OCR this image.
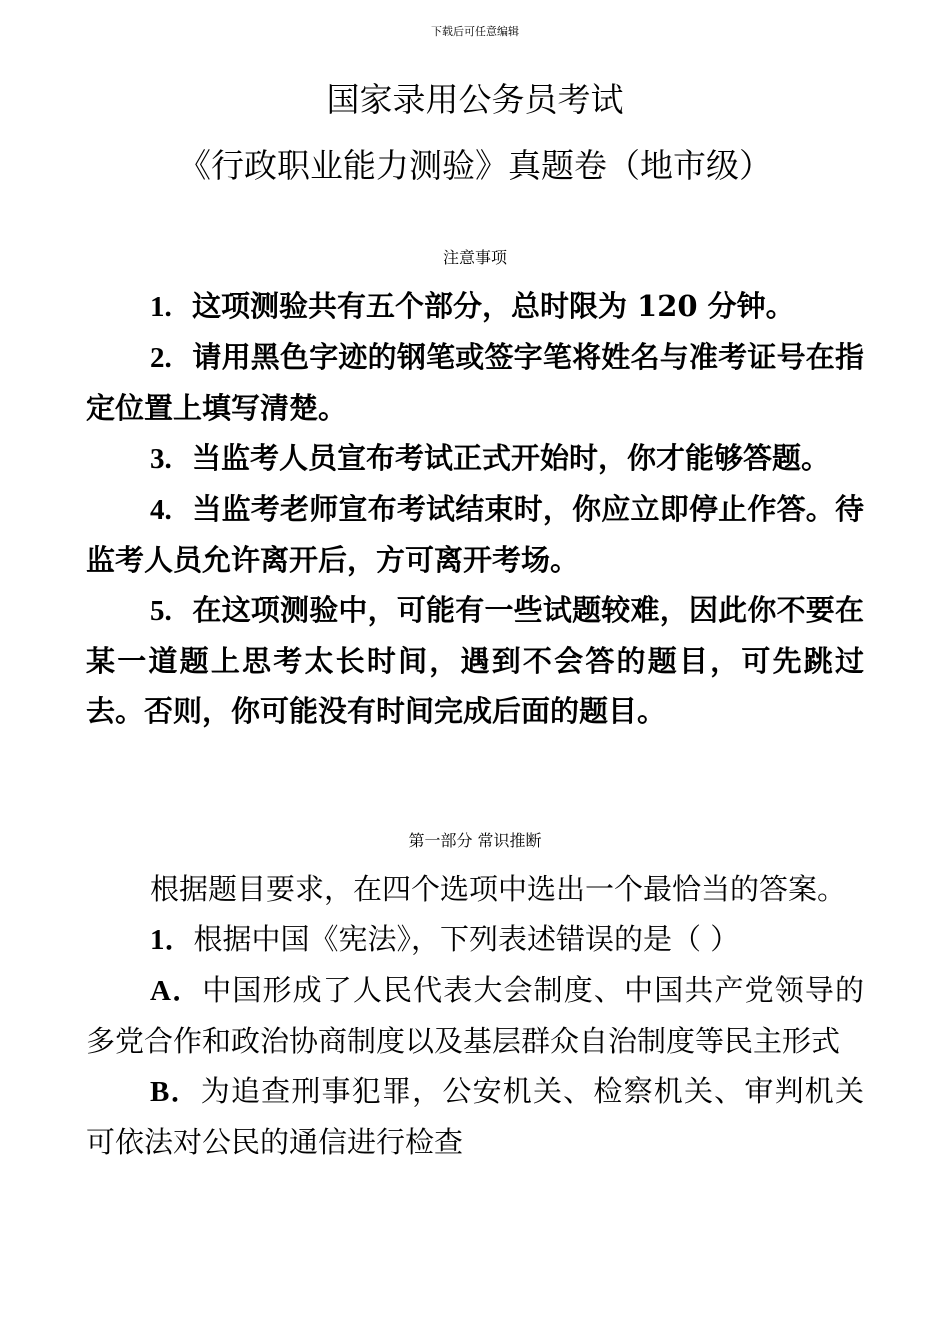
下载后可任意编辑
国家录用公务员考试
《行政职业能力测验》真题卷（地市级）
注意事项

1. 这项测验共有五个部分，总时限为 120 分钟。

2. 请用黑色字迹的钢笔或签字笔将姓名与准考证号在指定位置上填写清楚。

3. 当监考人员宣布考试正式开始时，你才能够答题。

4. 当监考老师宣布考试结束时，你应立即停止作答。待监考人员允许离开后，方可离开考场。

5. 在这项测验中，可能有一些试题较难，因此你不要在某一道题上思考太长时间，遇到不会答的题目，可先跳过去。否则，你可能没有时间完成后面的题目。

第一部分 常识推断

根据题目要求，在四个选项中选出一个最恰当的答案。

1．根据中国《宪法》，下列表述错误的是（ ）

A．中国形成了人民代表大会制度、中国共产党领导的多党合作和政治协商制度以及基层群众自治制度等民主形式

B．为追查刑事犯罪，公安机关、检察机关、审判机关可依法对公民的通信进行检查
